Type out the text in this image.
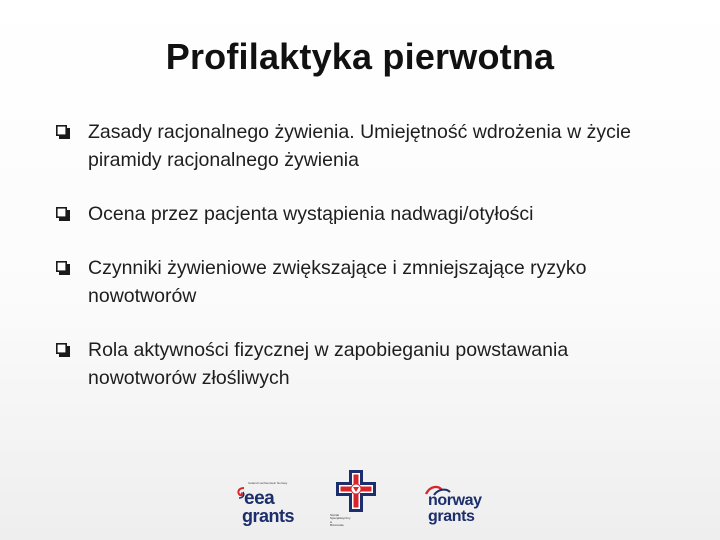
Profilaktyka pierwotna
Zasady racjonalnego żywienia. Umiejętność wdrożenia w życie piramidy racjonalnego żywienia
Ocena przez pacjenta wystąpienia nadwagi/otyłości
Czynniki żywieniowe zwiększające i zmniejszające ryzyko nowotworów
Rola aktywności fizycznej w zapobieganiu powstawania nowotworów złośliwych
Iceland Liechtenstein Norway
eea
grants	Szpital Specjalistyczny w Brzozowie
norway
grants
